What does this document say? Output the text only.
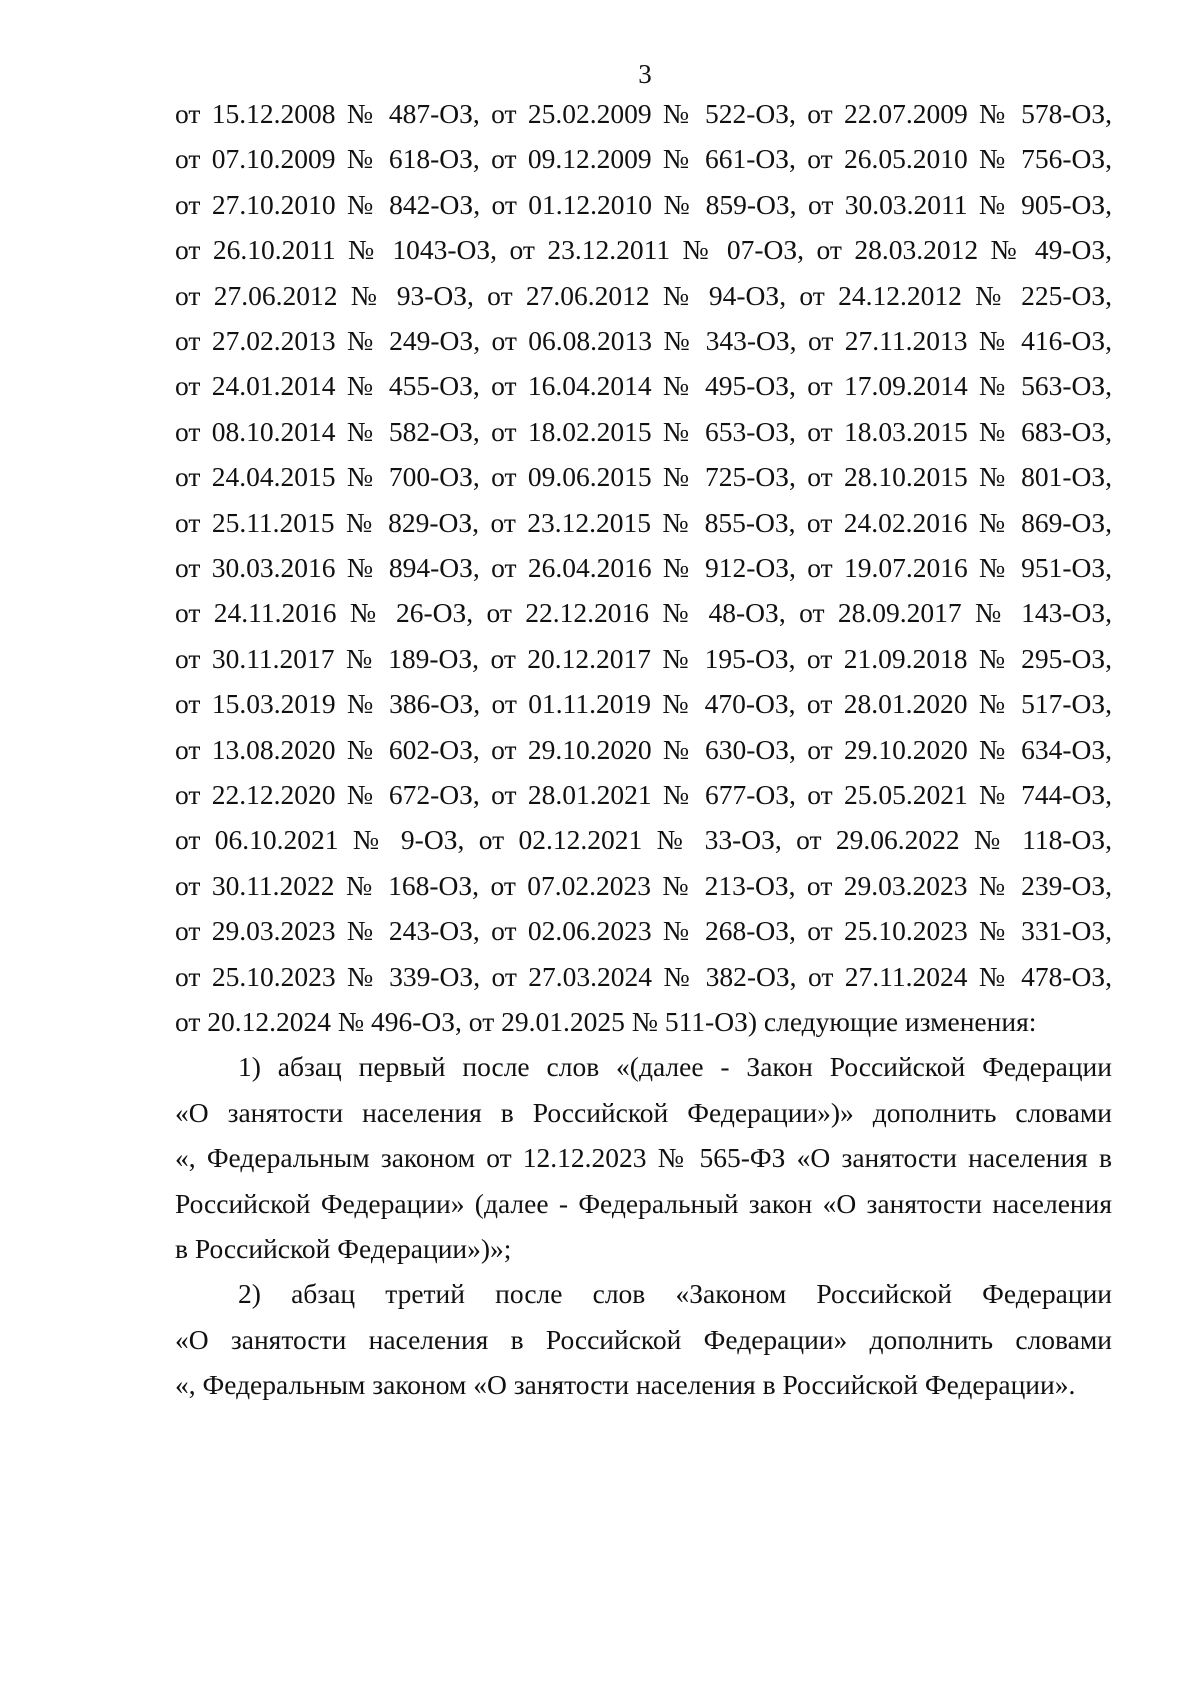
3
от 15.12.2008 № 487-ОЗ, от 25.02.2009 № 522-ОЗ, от 22.07.2009 № 578-ОЗ,
от 07.10.2009 № 618-ОЗ, от 09.12.2009 № 661-ОЗ, от 26.05.2010 № 756-ОЗ,
от 27.10.2010 № 842-ОЗ, от 01.12.2010 № 859-ОЗ, от 30.03.2011 № 905-ОЗ,
от 26.10.2011 № 1043-ОЗ, от 23.12.2011 № 07-ОЗ, от 28.03.2012 № 49-ОЗ,
от 27.06.2012 № 93-ОЗ, от 27.06.2012 № 94-ОЗ, от 24.12.2012 № 225-ОЗ,
от 27.02.2013 № 249-ОЗ, от 06.08.2013 № 343-ОЗ, от 27.11.2013 № 416-ОЗ,
от 24.01.2014 № 455-ОЗ, от 16.04.2014 № 495-ОЗ, от 17.09.2014 № 563-ОЗ,
от 08.10.2014 № 582-ОЗ, от 18.02.2015 № 653-ОЗ, от 18.03.2015 № 683-ОЗ,
от 24.04.2015 № 700-ОЗ, от 09.06.2015 № 725-ОЗ, от 28.10.2015 № 801-ОЗ,
от 25.11.2015 № 829-ОЗ, от 23.12.2015 № 855-ОЗ, от 24.02.2016 № 869-ОЗ,
от 30.03.2016 № 894-ОЗ, от 26.04.2016 № 912-ОЗ, от 19.07.2016 № 951-ОЗ,
от 24.11.2016 № 26-ОЗ, от 22.12.2016 № 48-ОЗ, от 28.09.2017 № 143-ОЗ,
от 30.11.2017 № 189-ОЗ, от 20.12.2017 № 195-ОЗ, от 21.09.2018 № 295-ОЗ,
от 15.03.2019 № 386-ОЗ, от 01.11.2019 № 470-ОЗ, от 28.01.2020 № 517-ОЗ,
от 13.08.2020 № 602-ОЗ, от 29.10.2020 № 630-ОЗ, от 29.10.2020 № 634-ОЗ,
от 22.12.2020 № 672-ОЗ, от 28.01.2021 № 677-ОЗ, от 25.05.2021 № 744-ОЗ,
от 06.10.2021 № 9-ОЗ, от 02.12.2021 № 33-ОЗ, от 29.06.2022 № 118-ОЗ,
от 30.11.2022 № 168-ОЗ, от 07.02.2023 № 213-ОЗ, от 29.03.2023 № 239-ОЗ,
от 29.03.2023 № 243-ОЗ, от 02.06.2023 № 268-ОЗ, от 25.10.2023 № 331-ОЗ,
от 25.10.2023 № 339-ОЗ, от 27.03.2024 № 382-ОЗ, от 27.11.2024 № 478-ОЗ,
от 20.12.2024 № 496-ОЗ, от 29.01.2025 № 511-ОЗ) следующие изменения:
1) абзац первый после слов «(далее - Закон Российской Федерации
«О занятости населения в Российской Федерации»)» дополнить словами
«, Федеральным законом от 12.12.2023 № 565-ФЗ «О занятости населения в
Российской Федерации» (далее - Федеральный закон «О занятости населения
в Российской Федерации»)»;
2) абзац третий после слов «Законом Российской Федерации
«О занятости населения в Российской Федерации» дополнить словами
«, Федеральным законом «О занятости населения в Российской Федерации».
